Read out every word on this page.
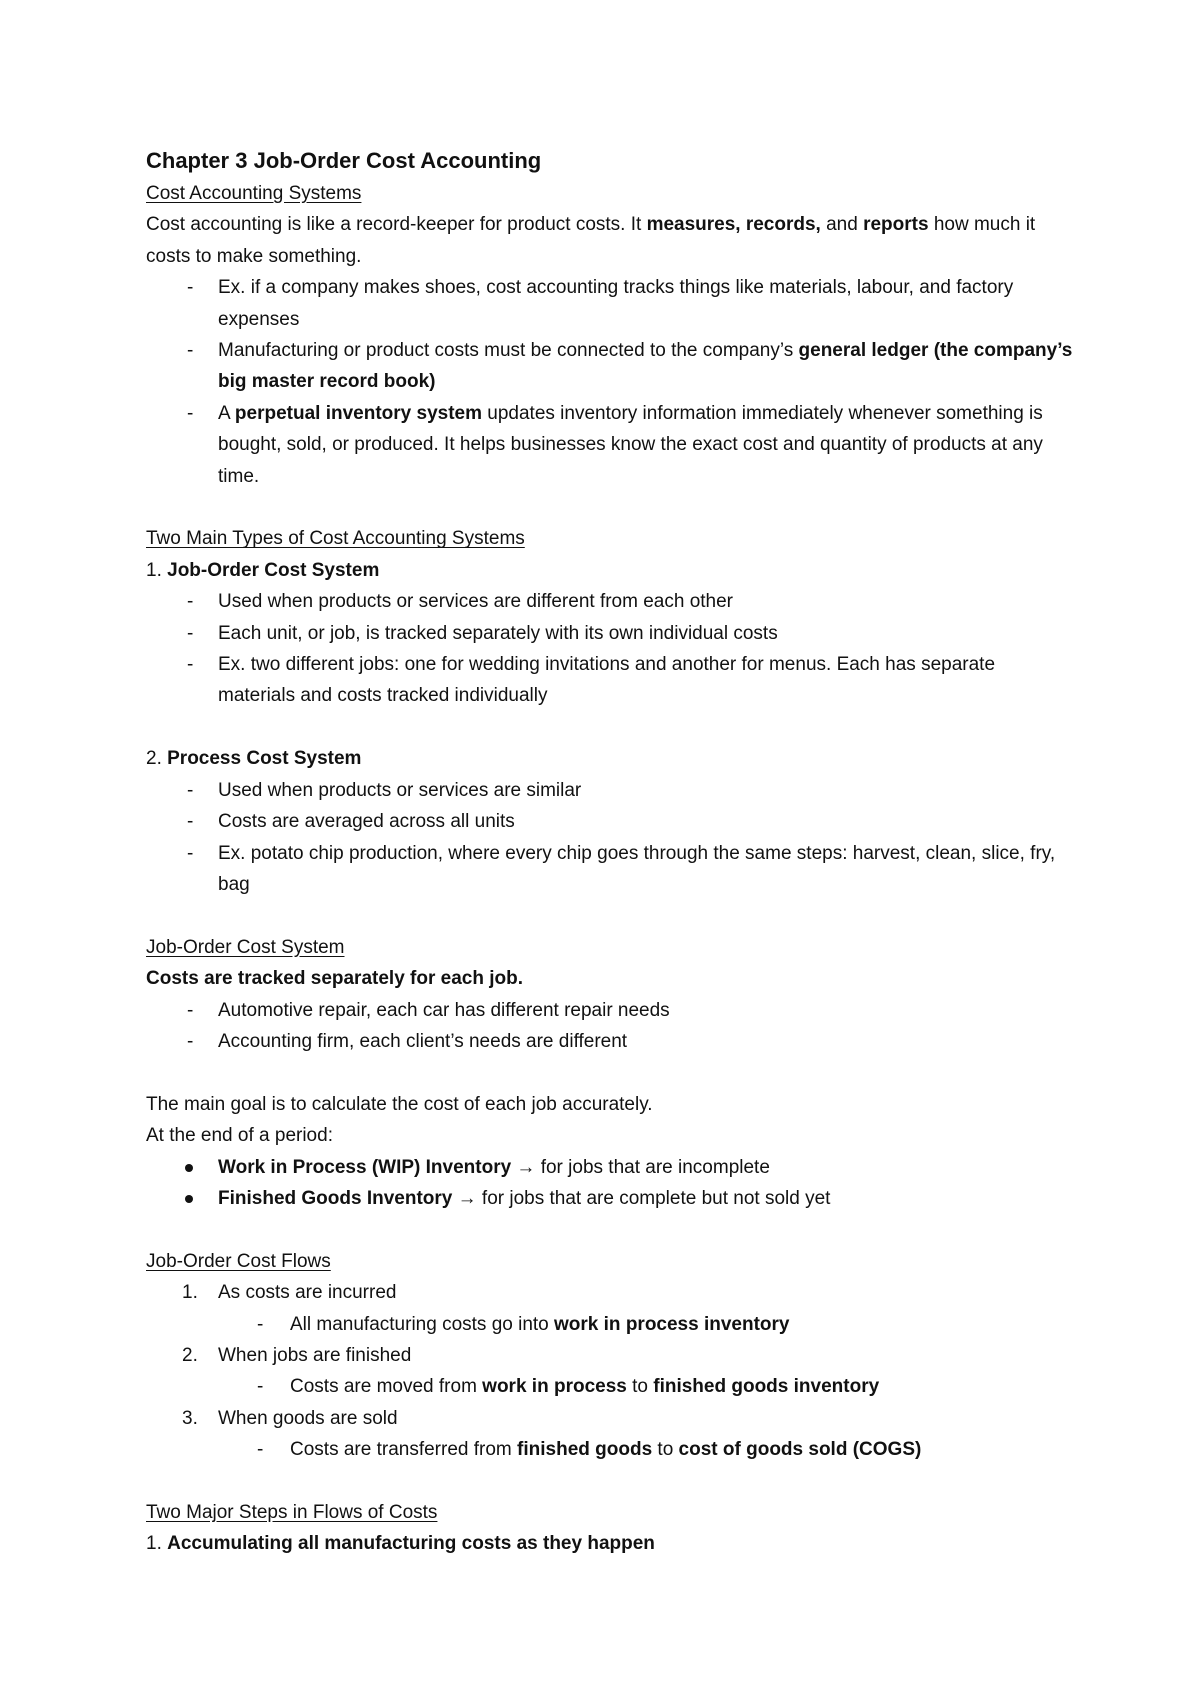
Chapter 3 Job-Order Cost Accounting

Cost Accounting Systems

Cost accounting is like a record-keeper for product costs. It measures, records, and reports how much it costs to make something.

- Ex. if a company makes shoes, cost accounting tracks things like materials, labour, and factory expenses
- Manufacturing or product costs must be connected to the company’s general ledger (the company’s big master record book)
- A perpetual inventory system updates inventory information immediately whenever something is bought, sold, or produced. It helps businesses know the exact cost and quantity of products at any time.
Two Main Types of Cost Accounting Systems

1. Job-Order Cost System

- Used when products or services are different from each other
- Each unit, or job, is tracked separately with its own individual costs
- Ex. two different jobs: one for wedding invitations and another for menus. Each has separate materials and costs tracked individually

2. Process Cost System

- Used when products or services are similar
- Costs are averaged across all units
- Ex. potato chip production, where every chip goes through the same steps: harvest, clean, slice, fry, bag
Job-Order Cost System

Costs are tracked separately for each job.

- Automotive repair, each car has different repair needs
- Accounting firm, each client’s needs are different

The main goal is to calculate the cost of each job accurately.

At the end of a period:

Work in Process (WIP) Inventory → for jobs that are incomplete
Finished Goods Inventory → for jobs that are complete but not sold yet
Job-Order Cost Flows
1. As costs are incurred
- All manufacturing costs go into work in process inventory
2. When jobs are finished
- Costs are moved from work in process to finished goods inventory
3. When goods are sold
- Costs are transferred from finished goods to cost of goods sold (COGS)
Two Major Steps in Flows of Costs

1. Accumulating all manufacturing costs as they happen
